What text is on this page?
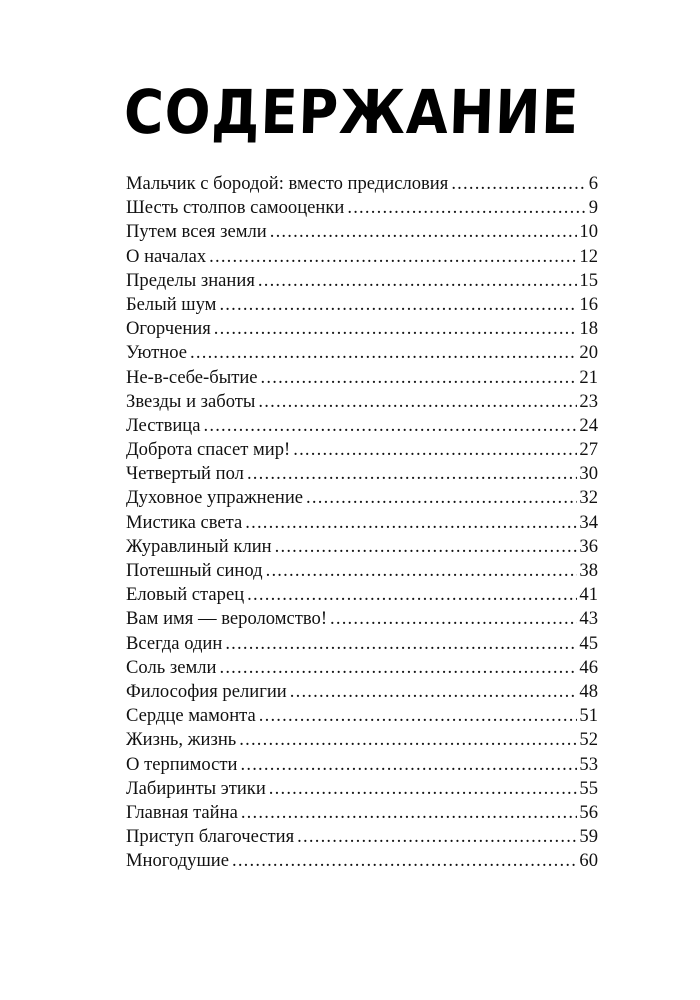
СОДЕРЖАНИЕ
Мальчик с бородой: вместо предисловия .....	6
Шесть столпов самооценки .....	9
Путем всея земли .....	10
О началах .....	12
Пределы знания .....	15
Белый шум .....	16
Огорчения .....	18
Уютное .....	20
Не-в-себе-бытие .....	21
Звезды и заботы .....	23
Лествица .....	24
Доброта спасет мир! .....	27
Четвертый пол .....	30
Духовное упражнение .....	32
Мистика света .....	34
Журавлиный клин .....	36
Потешный синод .....	38
Еловый старец .....	41
Вам имя — вероломство! .....	43
Всегда один .....	45
Соль земли .....	46
Философия религии .....	48
Сердце мамонта .....	51
Жизнь, жизнь .....	52
О терпимости .....	53
Лабиринты этики .....	55
Главная тайна .....	56
Приступ благочестия .....	59
Многодушие .....	60
